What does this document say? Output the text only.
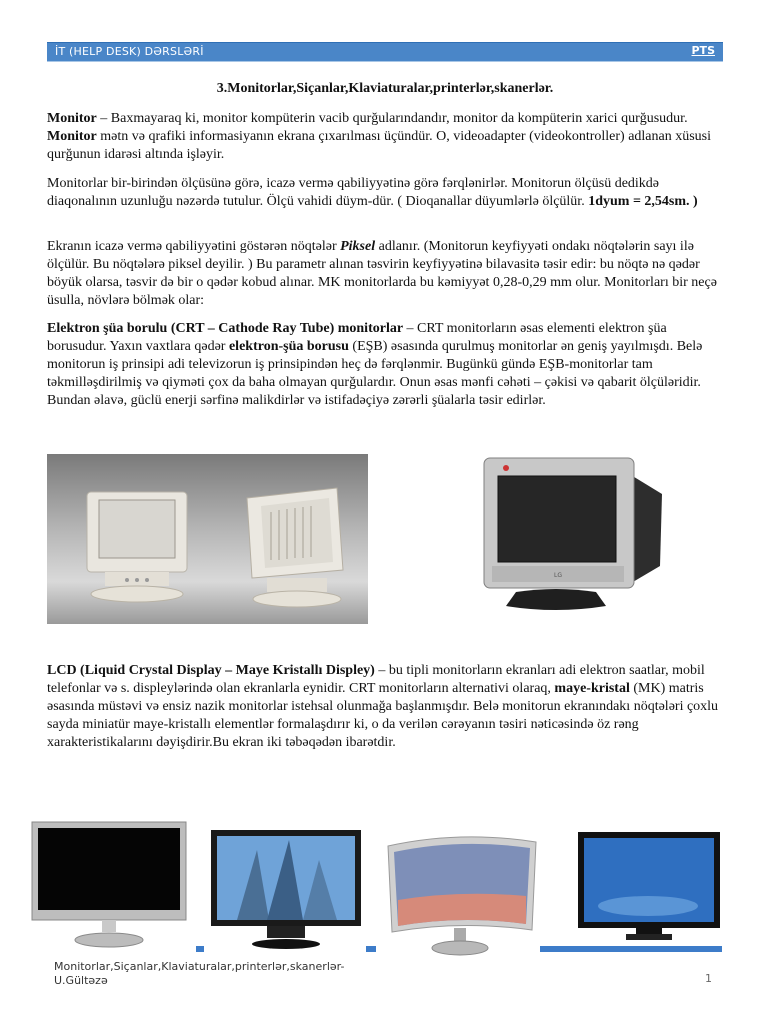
İT (HELP DESK) DƏRSLƏRİ	PTS
3.Monitorlar,Siçanlar,Klaviaturalar,printerlər,skanerlər.

Monitor – Baxmayaraq ki, monitor kompüterin vacib qurğularındandır, monitor da kompüterin xarici qurğusudur. Monitor mətn və qrafiki informasiyanın ekrana çıxarılması üçündür. O, videoadapter (videokontroller) adlanan xüsusi qurğunun idarəsi altında işləyir.

Monitorlar bir-birindən ölçüsünə görə, icazə vermə qabiliyyətinə görə fərqlənirlər. Monitorun ölçüsü dedikdə diaqonalının uzunluğu nəzərdə tutulur. Ölçü vahidi düym-dür. ( Dioqanallar düyumlərlə ölçülür. 1dyum = 2,54sm. )

Ekranın icazə vermə qabiliyyətini göstərən nöqtələr Piksel adlanır. (Monitorun keyfiyyəti ondakı nöqtələrin sayı ilə ölçülür. Bu nöqtələrə piksel deyilir. ) Bu parametr alınan təsvirin keyfiyyətinə bilavasitə təsir edir: bu nöqtə nə qədər böyük olarsa, təsvir də bir o qədər kobud alınar. MK monitorlarda bu kəmiyyət 0,28-0,29 mm olur. Monitorları bir neçə üsulla, növlərə bölmək olar:

Elektron şüa borulu (CRT – Cathode Ray Tube) monitorlar – CRT monitorların əsas elementi elektron şüa borusudur. Yaxın vaxtlara qədər elektron-şüa borusu (EŞB) əsasında qurulmuş monitorlar ən geniş yayılmışdı. Belə monitorun iş prinsipi adi televizorun iş prinsipindən heç də fərqlənmir. Bugünkü gündə EŞB-monitorlar tam təkmilləşdirilmiş və qiymətі çox da baha olmayan qurğulardır. Onun əsas mənfi cəhəti – çəkisi və qabarit ölçüləridir. Bundan əlavə, güclü enerji sərfinə malikdirlər və istifadəçiyə zərərli şüalarla təsir edirlər.

LG

LCD (Liquid Crystal Display – Maye Kristallı Displey) – bu tipli monitorların ekranları adi elektron saatlar, mobil telefonlar və s. displeylərində olan ekranlarla eynidir. CRT monitorların alternativi olaraq, maye-kristal (MK) matris əsasında müstəvi və ensiz nazik monitorlar istehsal olunmağa başlanmışdır. Belə monitorun ekranındakı nöqtələri çoxlu sayda miniatür maye-kristallı elementlər formalaşdırır ki, o da verilən cərəyanın təsiri nəticəsində öz rəng xarakteristikalarını dəyişdirir.Bu ekran iki təbəqədən ibarətdir.

Monitorlar,Siçanlar,Klaviaturalar,printerlər,skanerlər-
U.Gültəzə	1
